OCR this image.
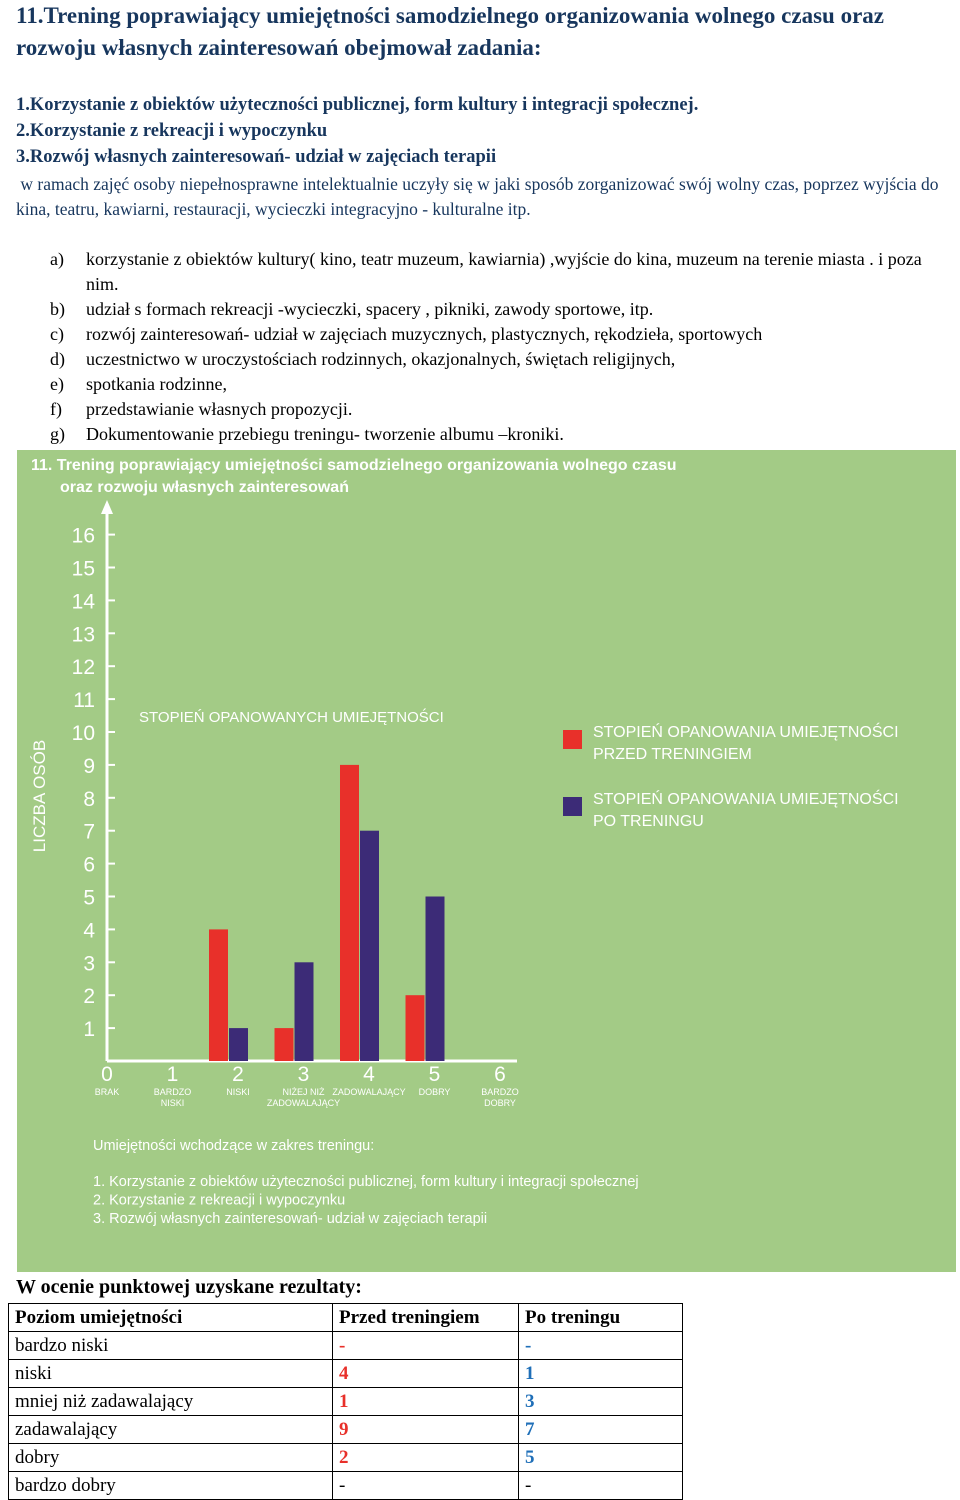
11.Trening poprawiający umiejętności samodzielnego organizowania wolnego czasu oraz rozwoju własnych zainteresowań obejmował zadania:
1.Korzystanie z obiektów użyteczności publicznej, form kultury i integracji społecznej.
2.Korzystanie z rekreacji i wypoczynku
3.Rozwój własnych zainteresowań- udział w zajęciach terapii
w ramach zajęć osoby niepełnosprawne intelektualnie uczyły się w jaki sposób zorganizować swój wolny czas, poprzez wyjścia do kina, teatru, kawiarni, restauracji, wycieczki integracyjno - kulturalne itp.
a) korzystanie z obiektów kultury( kino, teatr muzeum, kawiarnia) ,wyjście do kina, muzeum na terenie miasta . i poza nim.
b) udział s formach rekreacji -wycieczki, spacery , pikniki, zawody sportowe, itp.
c) rozwój zainteresowań- udział w zajęciach muzycznych, plastycznych, rękodzieła, sportowych
d) uczestnictwo w uroczystościach rodzinnych, okazjonalnych, świętach religijnych,
e) spotkania rodzinne,
f) przedstawianie własnych propozycji.
g) Dokumentowanie przebiegu treningu- tworzenie albumu –kroniki.
11. Trening poprawiający umiejętności samodzielnego organizowania wolnego czasu
oraz rozwoju własnych zainteresowań
1
2
3
4
5
6
7
8
9
10
11
12
13
14
15
16
LICZBA OSÓB
STOPIEŃ OPANOWANYCH UMIEJĘTNOŚCI
0
BRAK
1
BARDZO
NISKI
2
NISKI
3
NIŻEJ NIŻ
ZADOWALAJĄCY
4
ZADOWALAJĄCY
5
DOBRY
6
BARDZO
DOBRY
STOPIEŃ OPANOWANIA UMIEJĘTNOŚCI
PRZED TRENINGIEM
STOPIEŃ OPANOWANIA UMIEJĘTNOŚCI
PO TRENINGU
Umiejętności wchodzące w zakres treningu:
1. Korzystanie z obiektów użyteczności publicznej, form kultury i integracji społecznej
2. Korzystanie z rekreacji i wypoczynku
3. Rozwój własnych zainteresowań- udział w zajęciach terapii
W ocenie punktowej uzyskane rezultaty:
Poziom umiejętności	Przed treningiem	Po treningu
bardzo niski	-	-
niski	4	1
mniej niż zadawalający	1	3
zadawalający	9	7
dobry	2	5
bardzo dobry	-	-
